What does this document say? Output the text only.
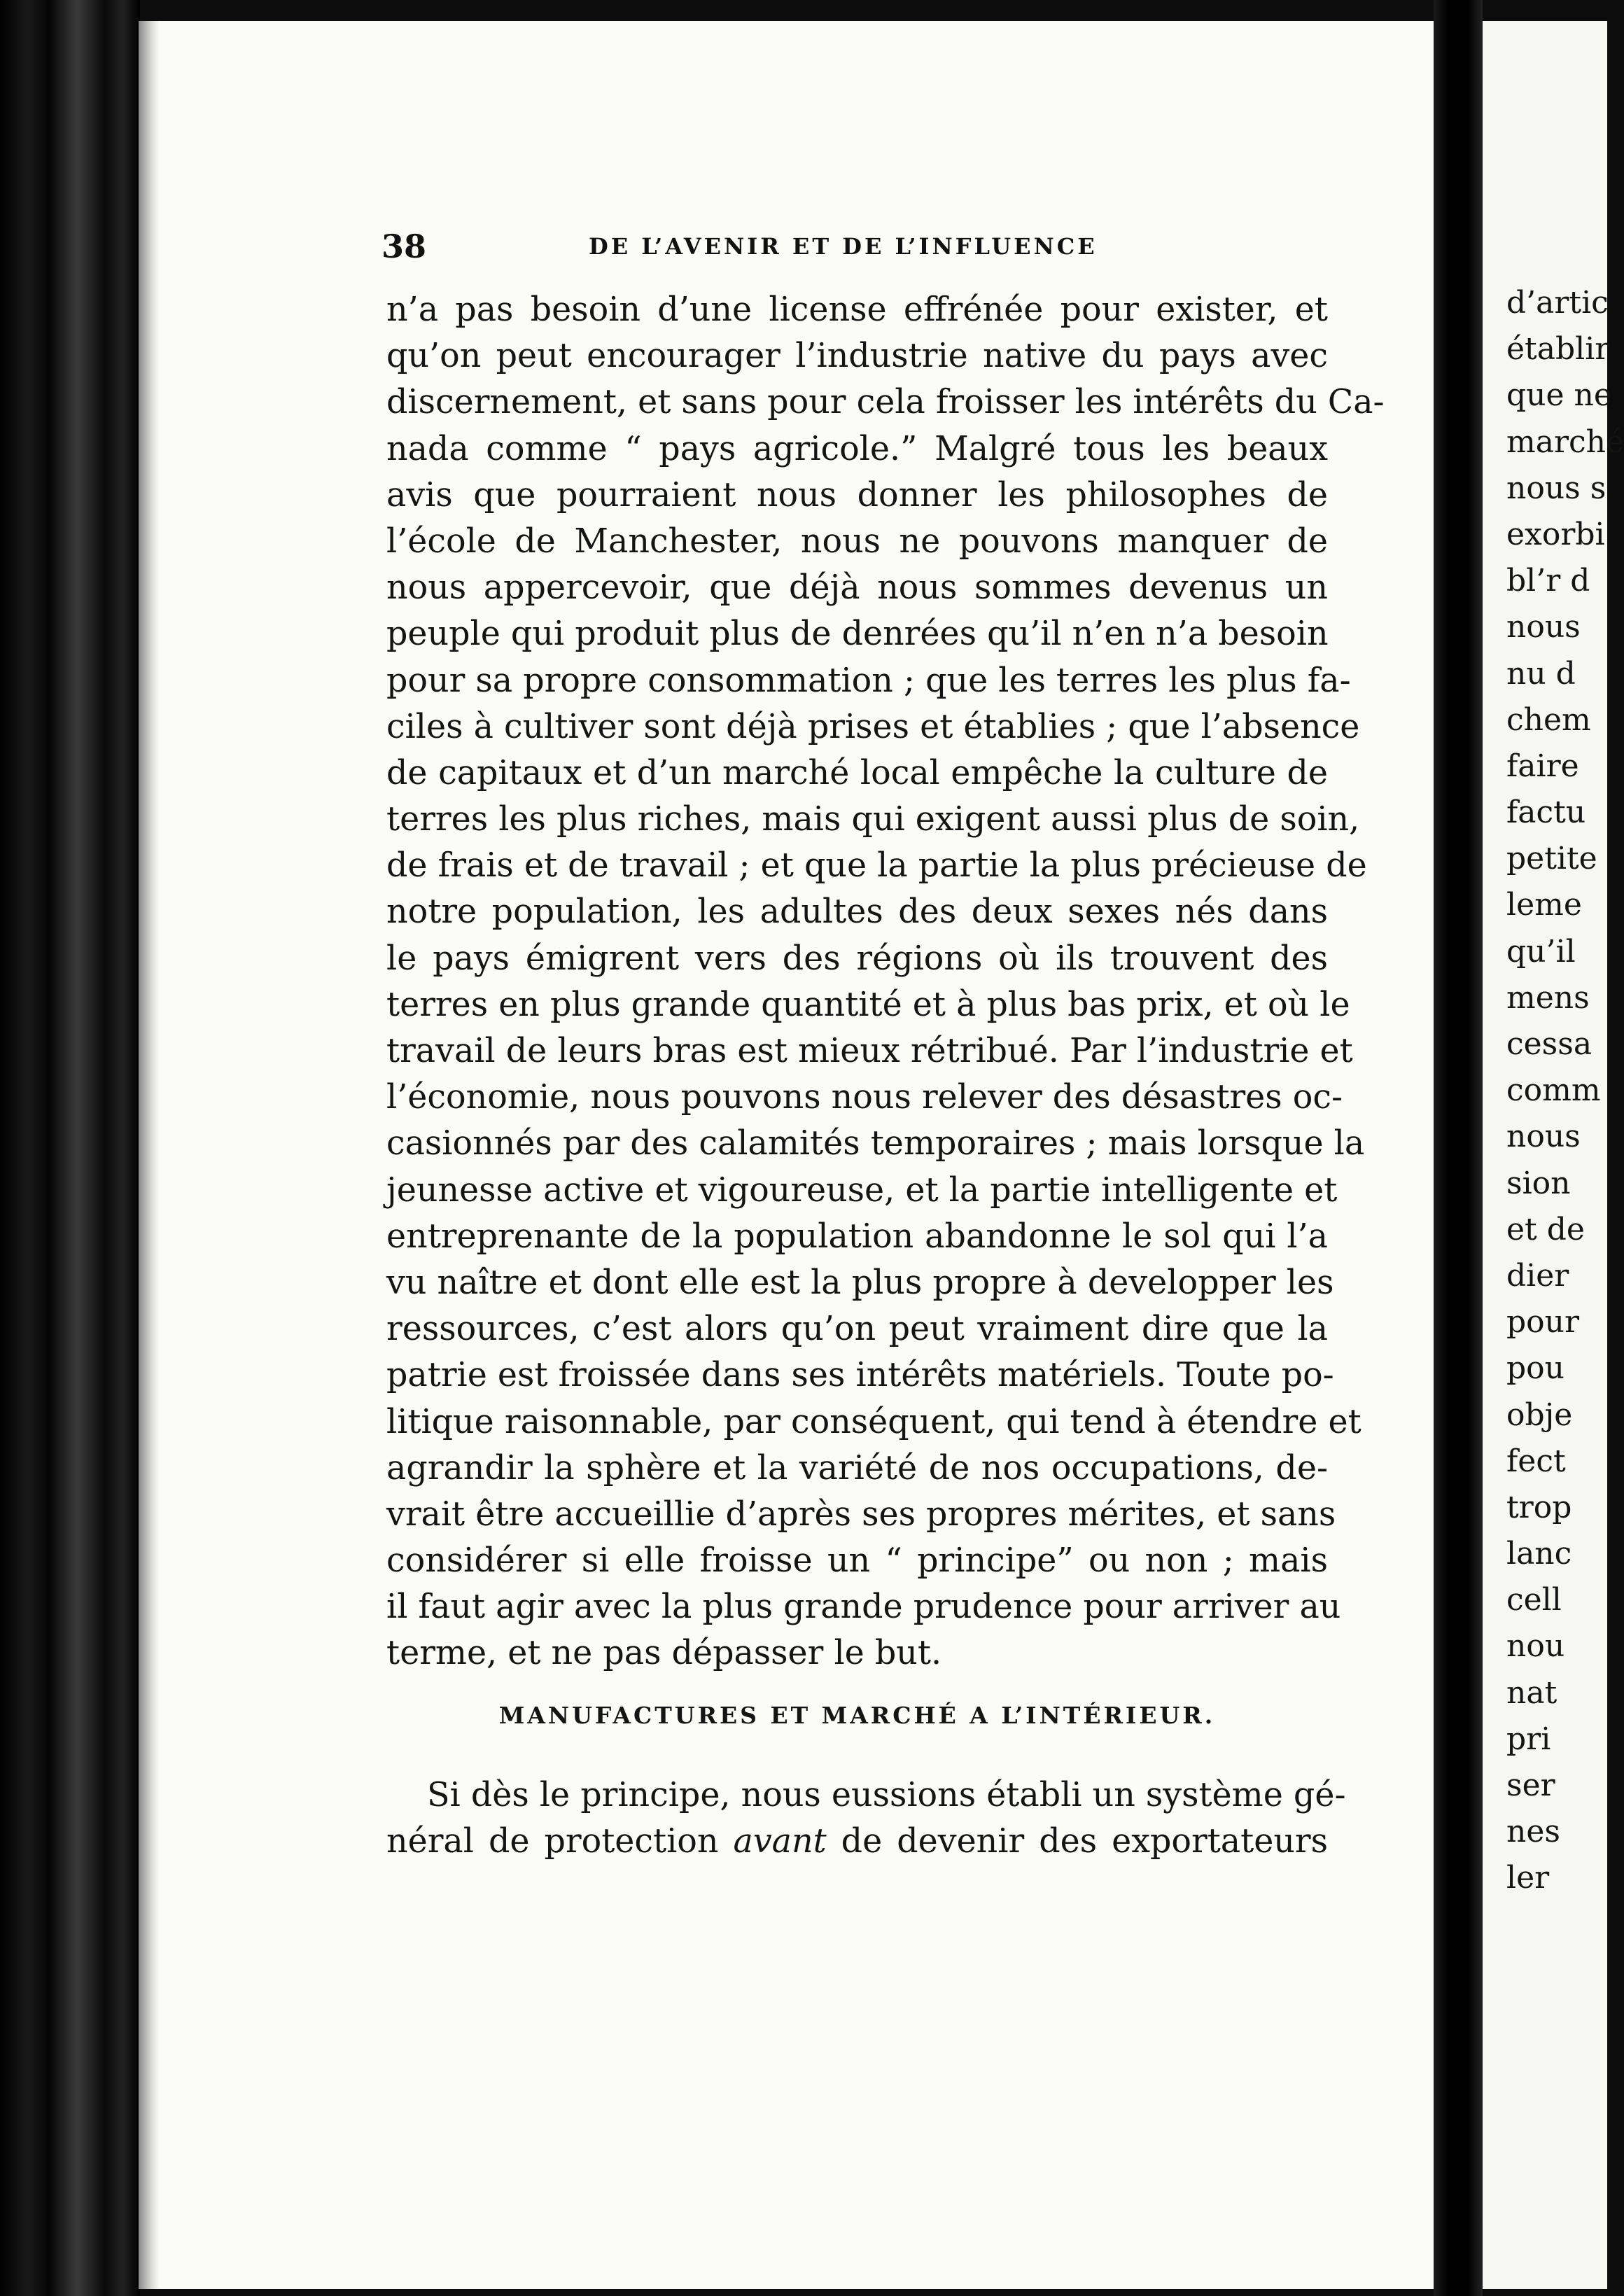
38	DE L’AVENIR ET DE L’INFLUENCE
n’a pas besoin d’une license effrénée pour exister, et
qu’on peut encourager l’industrie native du pays avec
discernement, et sans pour cela froisser les intérêts du Ca-
nada comme “ pays agricole.” Malgré tous les beaux
avis que pourraient nous donner les philosophes de
l’école de Manchester, nous ne pouvons manquer de
nous appercevoir, que déjà nous sommes devenus un
peuple qui produit plus de denrées qu’il n’en n’a besoin
pour sa propre consommation ; que les terres les plus fa-
ciles à cultiver sont déjà prises et établies ; que l’absence
de capitaux et d’un marché local empêche la culture de
terres les plus riches, mais qui exigent aussi plus de soin,
de frais et de travail ; et que la partie la plus précieuse de
notre population, les adultes des deux sexes nés dans
le pays émigrent vers des régions où ils trouvent des
terres en plus grande quantité et à plus bas prix, et où le
travail de leurs bras est mieux rétribué. Par l’industrie et
l’économie, nous pouvons nous relever des désastres oc-
casionnés par des calamités temporaires ; mais lorsque la
jeunesse active et vigoureuse, et la partie intelligente et
entreprenante de la population abandonne le sol qui l’a
vu naître et dont elle est la plus propre à developper les
ressources, c’est alors qu’on peut vraiment dire que la
patrie est froissée dans ses intérêts matériels. Toute po-
litique raisonnable, par conséquent, qui tend à étendre et
agrandir la sphère et la variété de nos occupations, de-
vrait être accueillie d’après ses propres mérites, et sans
considérer si elle froisse un “ principe” ou non ; mais
il faut agir avec la plus grande prudence pour arriver au
terme, et ne pas dépasser le but.
MANUFACTURES ET MARCHÉ A L’INTÉRIEUR.
Si dès le principe, nous eussions établi un système gé-
néral de protection avant de devenir des exportateurs
d’artic
établir
que ne
marché
nous s
exorbi
bl’r d
nous
nu d
chem
faire
factu
petite
leme
qu’il
mens
cessa
comm
nous
sion
et de
dier
pour
pou
obje
fect
trop
lanc
cell
nou
nat
pri
ser
nes
ler
